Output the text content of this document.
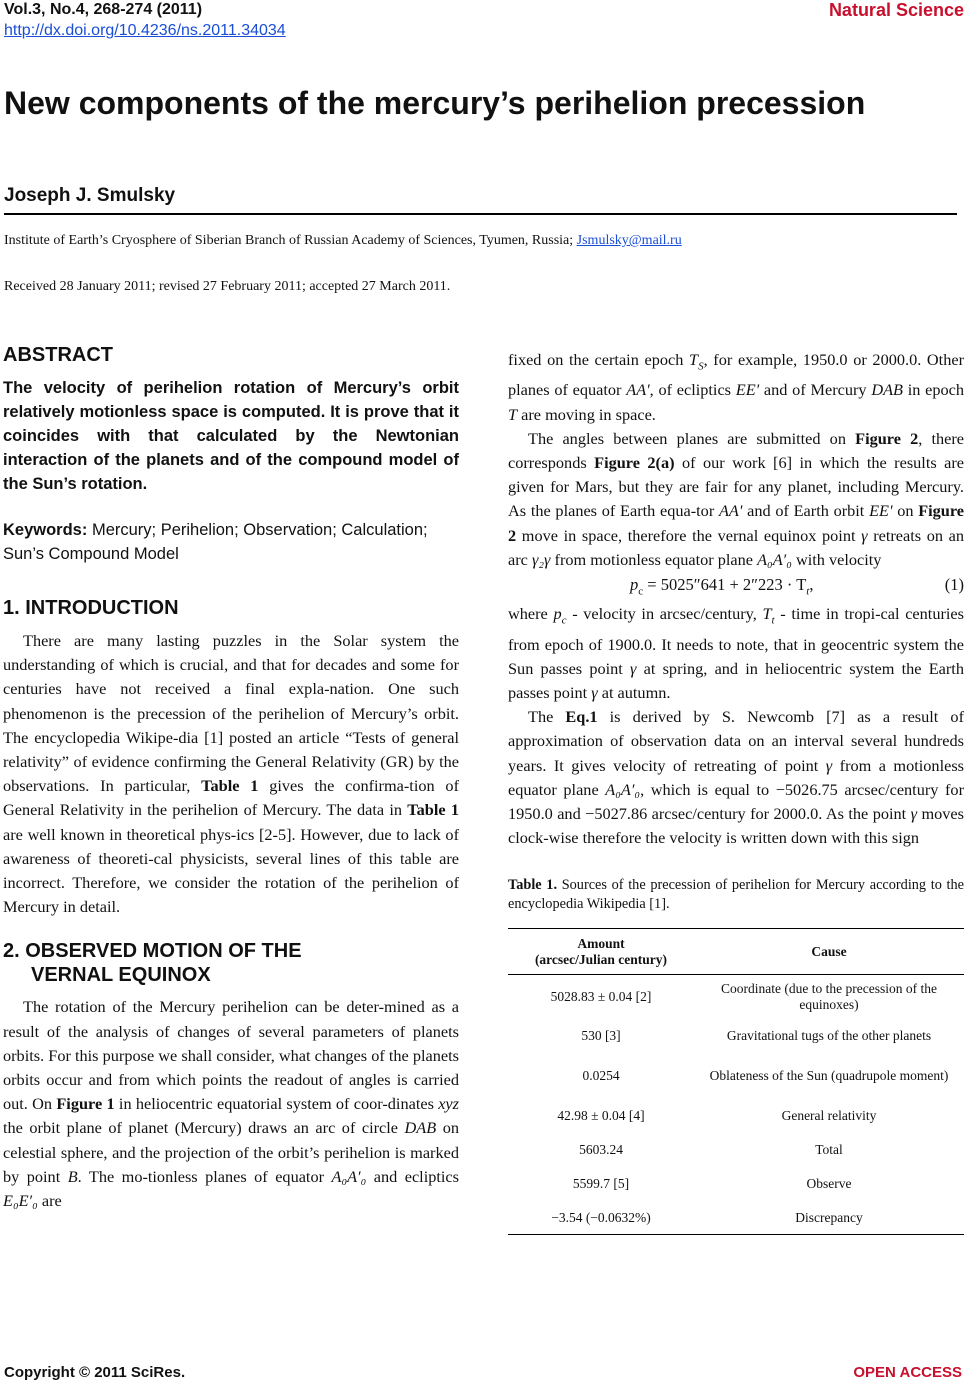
Vol.3, No.4, 268-274 (2011)
http://dx.doi.org/10.4236/ns.2011.34034
Natural Science
New components of the mercury’s perihelion precession
Joseph J. Smulsky
Institute of Earth’s Cryosphere of Siberian Branch of Russian Academy of Sciences, Tyumen, Russia; Jsmulsky@mail.ru
Received 28 January 2011; revised 27 February 2011; accepted 27 March 2011.

ABSTRACT

The velocity of perihelion rotation of Mercury’s orbit relatively motionless space is computed. It is prove that it coincides with that calculated by the Newtonian interaction of the planets and of the compound model of the Sun’s rotation.

Keywords: Mercury; Perihelion; Observation; Calculation; Sun’s Compound Model

1. INTRODUCTION

There are many lasting puzzles in the Solar system the understanding of which is crucial, and that for decades and some for centuries have not received a final expla-nation. One such phenomenon is the precession of the perihelion of Mercury’s orbit. The encyclopedia Wikipe-dia [1] posted an article “Tests of general relativity” of evidence confirming the General Relativity (GR) by the observations. In particular, Table 1 gives the confirma-tion of General Relativity in the perihelion of Mercury. The data in Table 1 are well known in theoretical phys-ics [2-5]. However, due to lack of awareness of theoreti-cal physicists, several lines of this table are incorrect. Therefore, we consider the rotation of the perihelion of Mercury in detail.

2. OBSERVED MOTION OF THE

VERNAL EQUINOX

The rotation of the Mercury perihelion can be deter-mined as a result of the analysis of changes of several parameters of planets orbits. For this purpose we shall consider, what changes of the planets orbits occur and from which points the readout of angles is carried out. On Figure 1 in heliocentric equatorial system of coor-dinates xyz the orbit plane of planet (Mercury) draws an arc of circle DAB on celestial sphere, and the projection of the orbit’s perihelion is marked by point B. The mo-tionless planes of equator A₀A′₀ and ecliptics E₀E′₀ are

fixed on the certain epoch $T_S$, for example, 1950.0 or 2000.0. Other planes of equator AA', of ecliptics EE' and of Mercury DAB in epoch T are moving in space.

The angles between planes are submitted on Figure 2, there corresponds Figure 2(a) of our work [6] in which the results are given for Mars, but they are fair for any planet, including Mercury. As the planes of Earth equa-tor AA' and of Earth orbit EE' on Figure 2 move in space, therefore the vernal equinox point γ retreats on an arc γ₂γ from motionless equator plane A₀A′₀ with velocity

$p_c = 5025''641 + 2''223 \cdot T_t$,	(1)

where $p_c$ - velocity in arcsec/century, $T_t$ - time in tropi-cal centuries from epoch of 1900.0. It needs to note, that in geocentric system the Sun passes point γ at spring, and in heliocentric system the Earth passes point γ at autumn.

The Eq.1 is derived by S. Newcomb [7] as a result of approximation of observation data on an interval several hundreds years. It gives velocity of retreating of point γ from a motionless equator plane A₀A′₀, which is equal to −5026.75 arcsec/century for 1950.0 and −5027.86 arcsec/century for 2000.0. As the point γ moves clock-wise therefore the velocity is written down with this sign

Table 1. Sources of the precession of perihelion for Mercury according to the encyclopedia Wikipedia [1].

Amount
(arcsec/Julian century)	Cause
5028.83 ± 0.04 [2]	Coordinate (due to the precession of the equinoxes)
530 [3]	Gravitational tugs of the other planets
0.0254	Oblateness of the Sun (quadrupole moment)
42.98 ± 0.04 [4]	General relativity
5603.24	Total
5599.7 [5]	Observe
−3.54 (−0.0632%)	Discrepancy
Copyright © 2011 SciRes.	OPEN ACCESS
